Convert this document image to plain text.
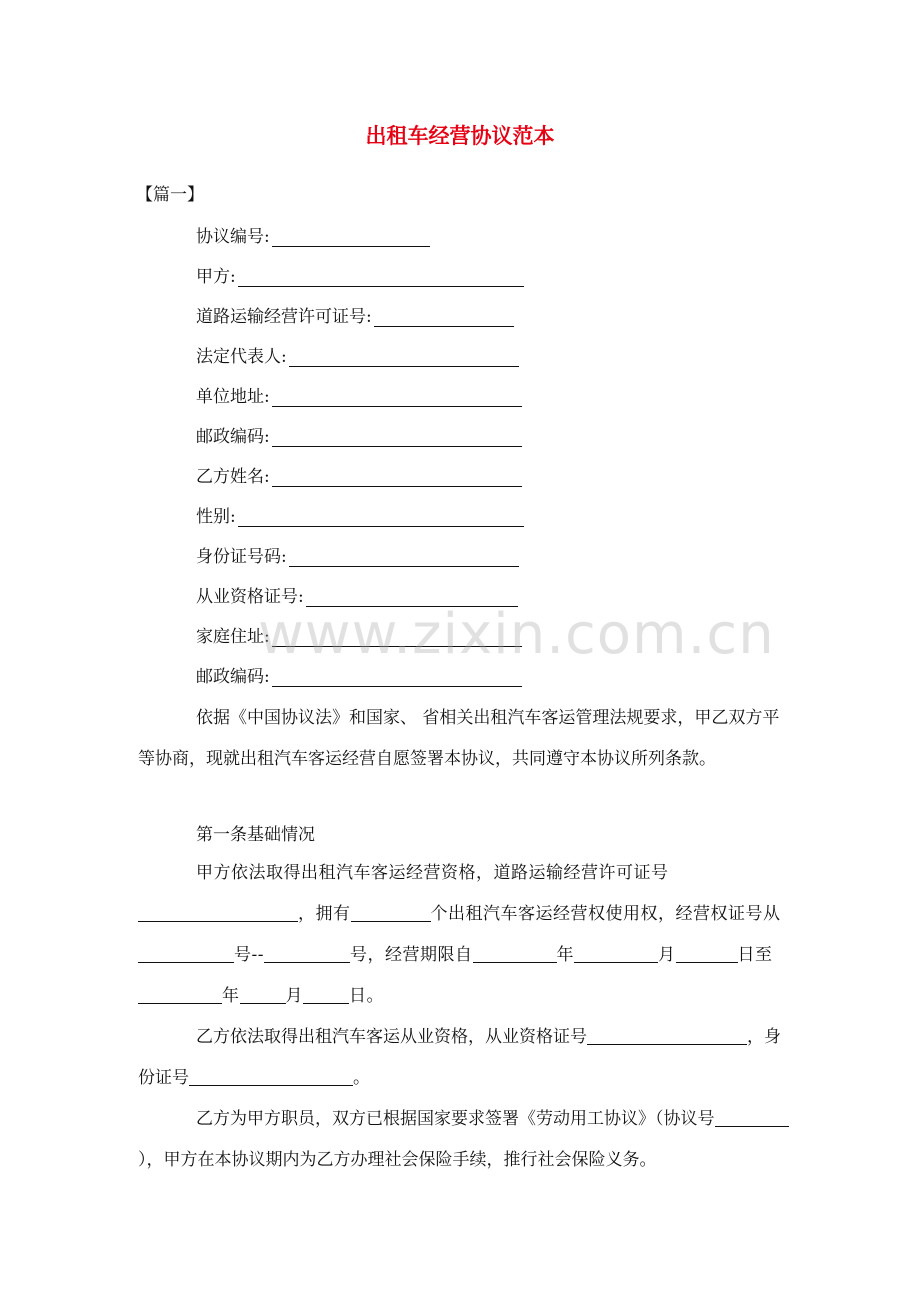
出租车经营协议范本
【篇一】
协议编号:
甲方:
道路运输经营许可证号:
法定代表人:
单位地址:
邮政编码:
乙方姓名:
性别:
身份证号码:
从业资格证号:
家庭住址:
邮政编码:
依据《中国协议法》和国家、 省相关出租汽车客运管理法规要求，甲乙双方平等协商，现就出租汽车客运经营自愿签署本协议，共同遵守本协议所列条款。
第一条基础情况
甲方依法取得出租汽车客运经营资格，道路运输经营许可证号，拥有	个出租汽车客运经营权使用权，经营权证号从号--	号，经营期限自	年	月	日至年	月	日。
乙方依法取得出租汽车客运从业资格，从业资格证号	，身份证号	。
乙方为甲方职员，双方已根据国家要求签署《劳动用工协议》（协议号），甲方在本协议期内为乙方办理社会保险手续，推行社会保险义务。
www.zixin.com.cn
